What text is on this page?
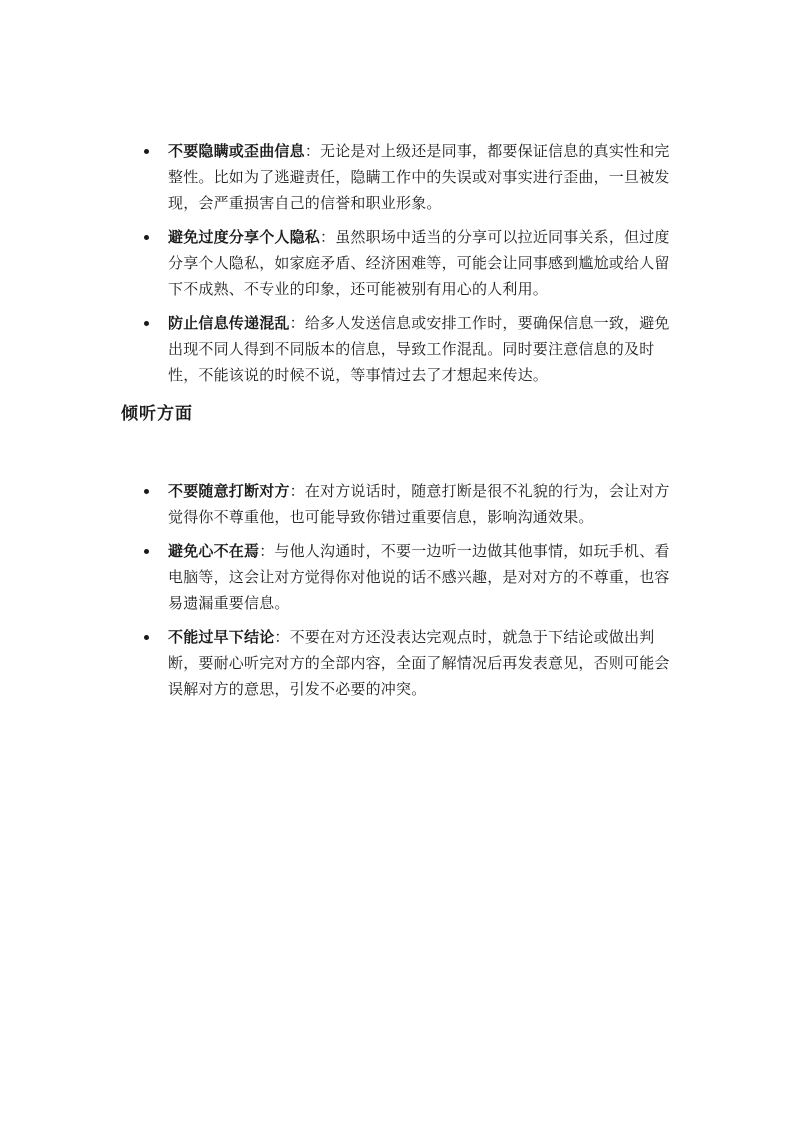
不要隐瞒或歪曲信息：无论是对上级还是同事，都要保证信息的真实性和完整性。比如为了逃避责任，隐瞒工作中的失误或对事实进行歪曲，一旦被发现，会严重损害自己的信誉和职业形象。
避免过度分享个人隐私：虽然职场中适当的分享可以拉近同事关系，但过度分享个人隐私，如家庭矛盾、经济困难等，可能会让同事感到尴尬或给人留下不成熟、不专业的印象，还可能被别有用心的人利用。
防止信息传递混乱：给多人发送信息或安排工作时，要确保信息一致，避免出现不同人得到不同版本的信息，导致工作混乱。同时要注意信息的及时性，不能该说的时候不说，等事情过去了才想起来传达。
倾听方面
不要随意打断对方：在对方说话时，随意打断是很不礼貌的行为，会让对方觉得你不尊重他，也可能导致你错过重要信息，影响沟通效果。
避免心不在焉：与他人沟通时，不要一边听一边做其他事情，如玩手机、看电脑等，这会让对方觉得你对他说的话不感兴趣，是对对方的不尊重，也容易遗漏重要信息。
不能过早下结论：不要在对方还没表达完观点时，就急于下结论或做出判断，要耐心听完对方的全部内容，全面了解情况后再发表意见，否则可能会误解对方的意思，引发不必要的冲突。
